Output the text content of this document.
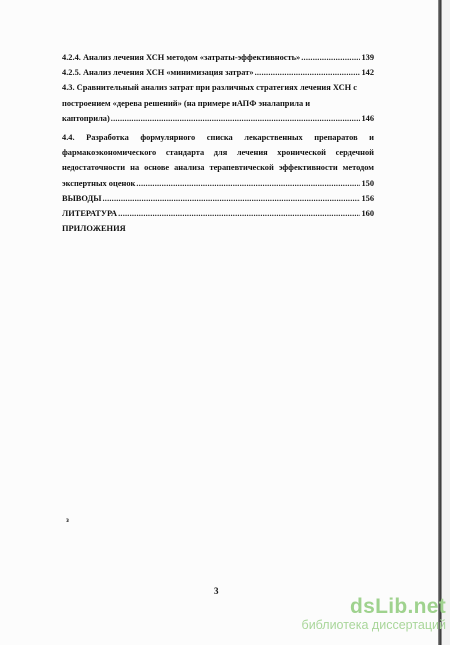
4.2.4. Анализ лечения ХСН методом «затраты-эффективность» .....	139
4.2.5. Анализ лечения ХСН «минимизация затрат» .....	142
4.3. Сравнительный анализ затрат при различных стратегиях лечения ХСН с
построением «дерева решений» (на примере иАПФ эналаприла и
каптоприла) .....	146
4.4. Разработка формулярного списка лекарственных препаратов и
фармакоэкономического стандарта для лечения хронической сердечной
недостаточности на основе анализа терапевтической эффективности методом
экспертных оценок .....	150
ВЫВОДЫ .....	156
ЛИТЕРАТУРА .....	160
ПРИЛОЖЕНИЯ
з
3
dsLib.net
библиотека диссертаций
